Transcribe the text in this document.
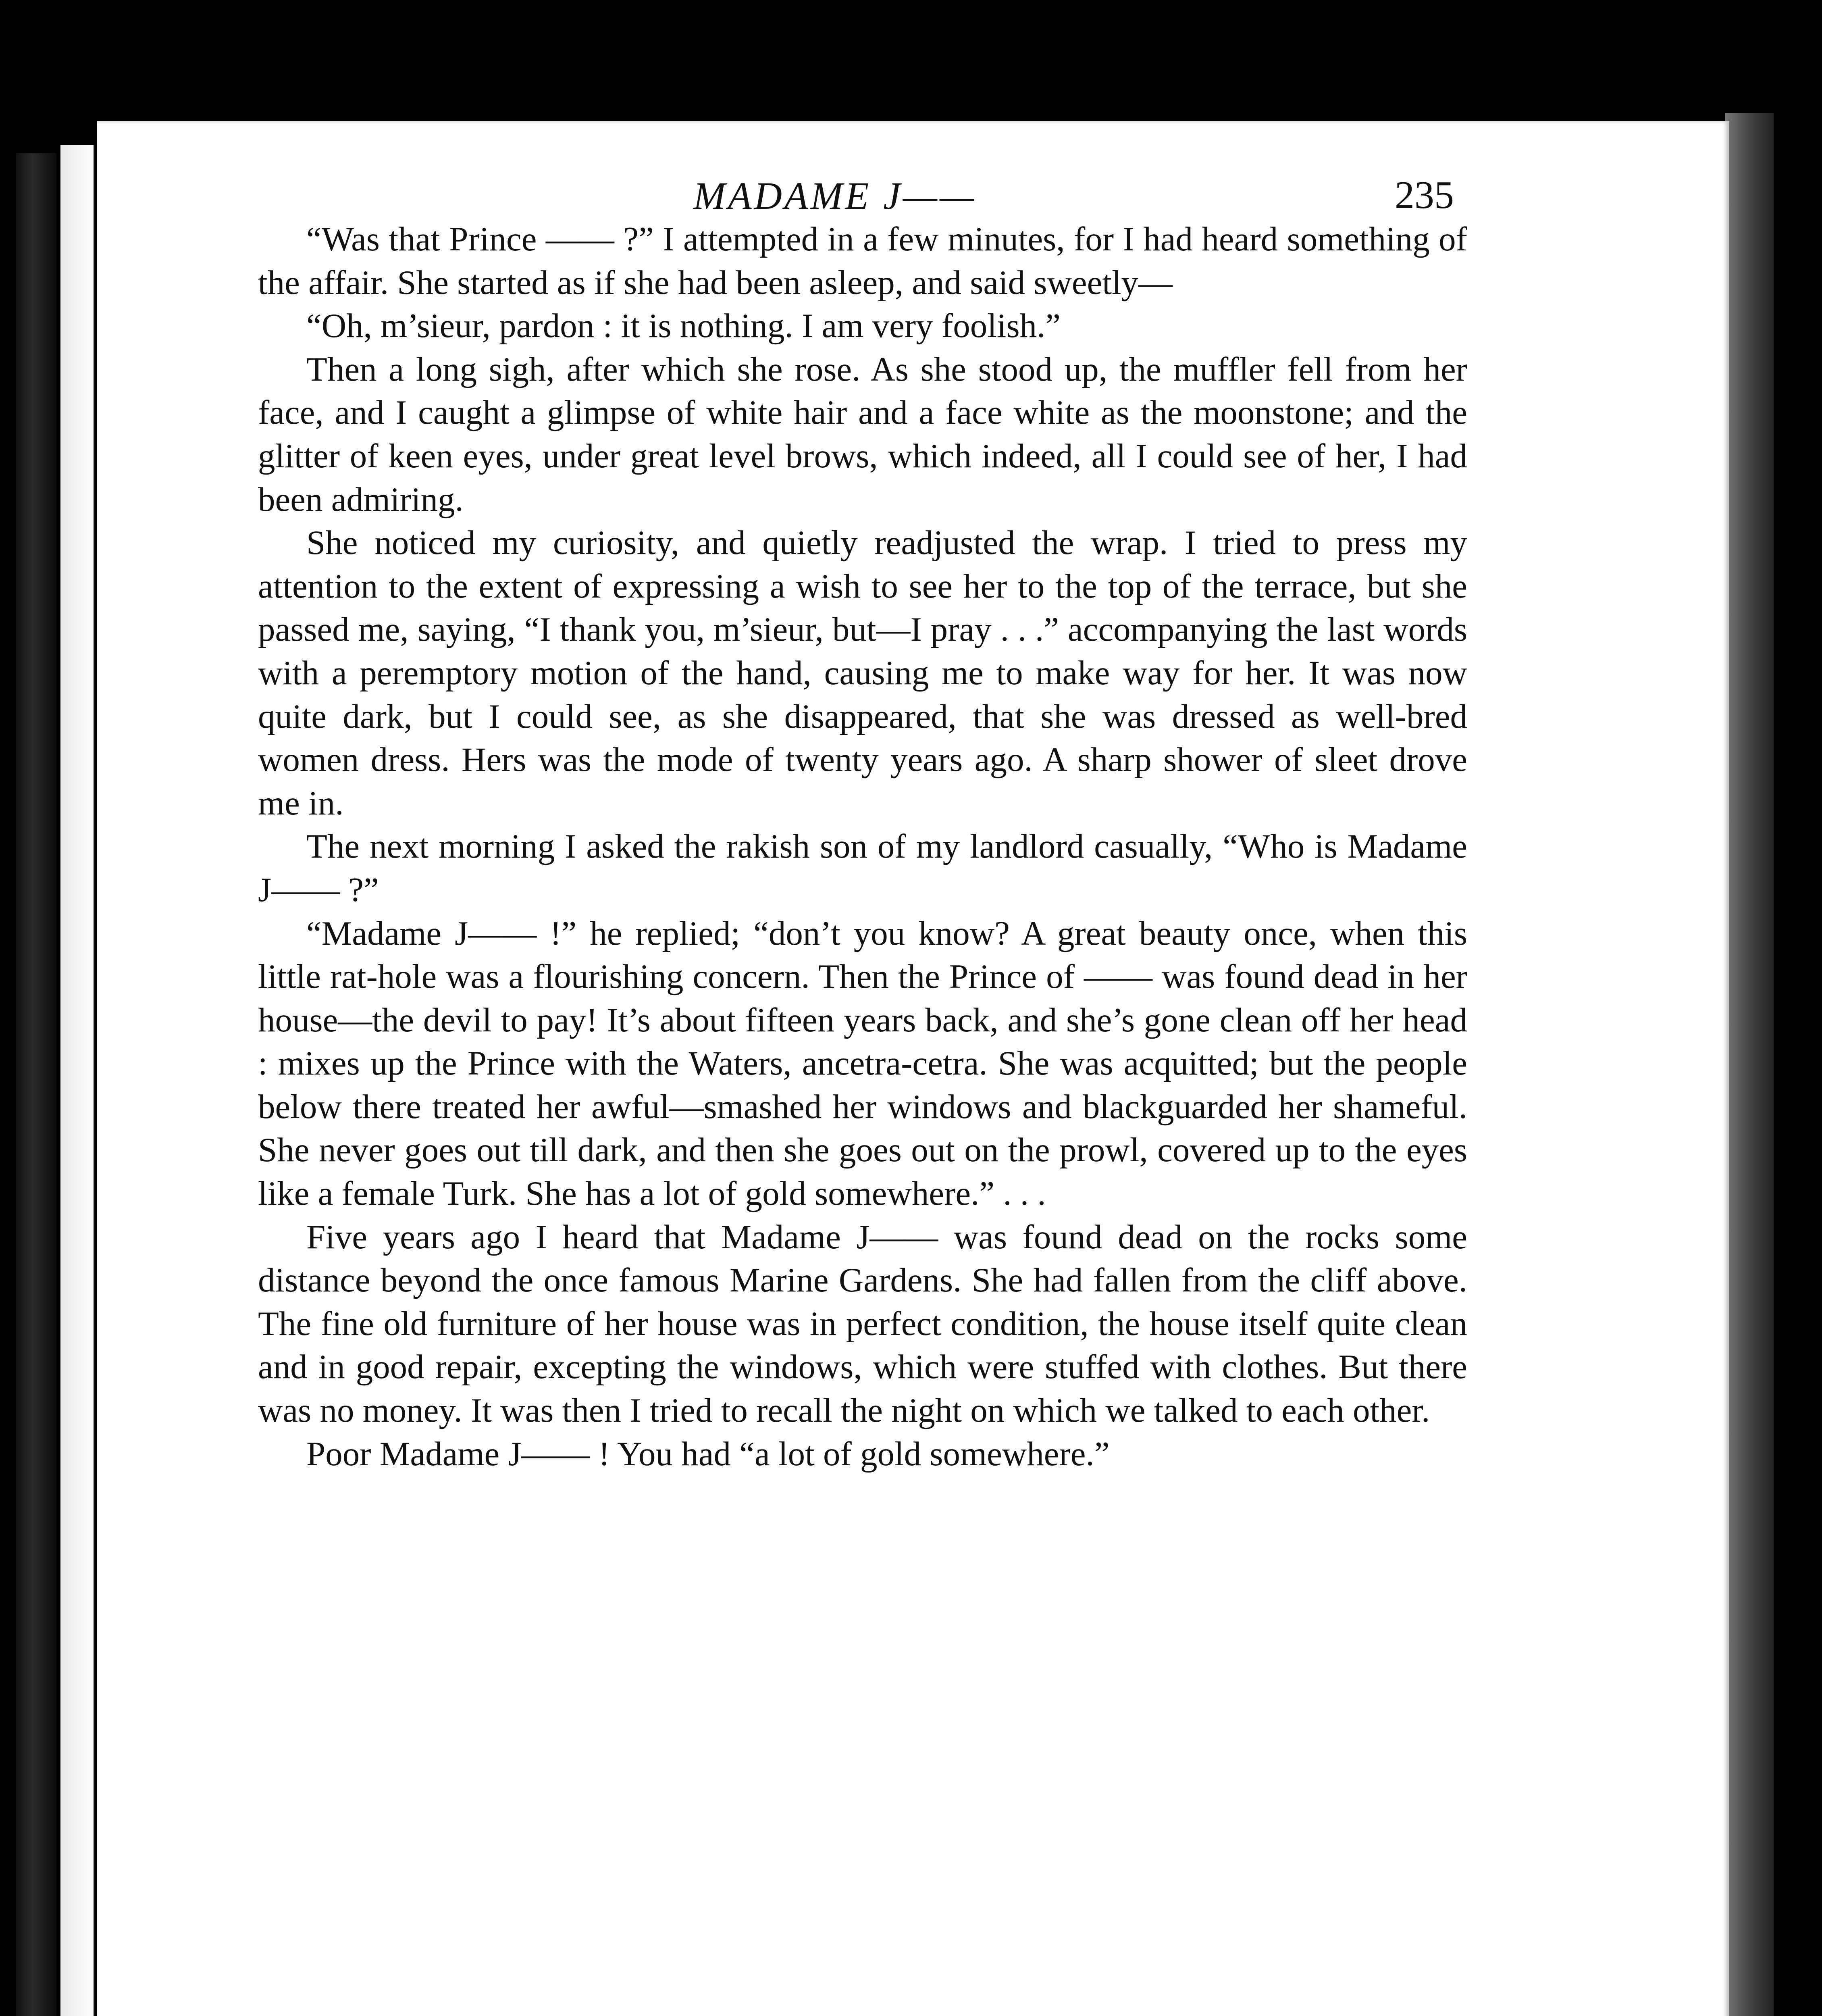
MADAME J——	235

“Was that Prince —— ?” I attempted in a few minutes, for I had heard something of the affair. She started as if she had been asleep, and said sweetly—

“Oh, m’sieur, pardon : it is nothing. I am very foolish.”

Then a long sigh, after which she rose. As she stood up, the muffler fell from her face, and I caught a glimpse of white hair and a face white as the moonstone; and the glitter of keen eyes, under great level brows, which indeed, all I could see of her, I had been admiring.

She noticed my curiosity, and quietly readjusted the wrap. I tried to press my attention to the extent of expressing a wish to see her to the top of the terrace, but she passed me, saying, “I thank you, m’sieur, but—I pray . . .” accompanying the last words with a peremptory motion of the hand, causing me to make way for her. It was now quite dark, but I could see, as she disappeared, that she was dressed as well-bred women dress. Hers was the mode of twenty years ago. A sharp shower of sleet drove me in.

The next morning I asked the rakish son of my landlord casually, “Who is Madame J—— ?”

“Madame J—— !” he replied; “don’t you know? A great beauty once, when this little rat-hole was a flourishing concern. Then the Prince of —— was found dead in her house—the devil to pay! It’s about fifteen years back, and she’s gone clean off her head : mixes up the Prince with the Waters, ancetra-cetra. She was acquitted; but the people below there treated her awful—smashed her windows and blackguarded her shameful. She never goes out till dark, and then she goes out on the prowl, covered up to the eyes like a female Turk. She has a lot of gold somewhere.” . . .

Five years ago I heard that Madame J—— was found dead on the rocks some distance beyond the once famous Marine Gardens. She had fallen from the cliff above. The fine old furniture of her house was in perfect condition, the house itself quite clean and in good repair, excepting the windows, which were stuffed with clothes. But there was no money. It was then I tried to recall the night on which we talked to each other.

Poor Madame J—— ! You had “a lot of gold somewhere.”
